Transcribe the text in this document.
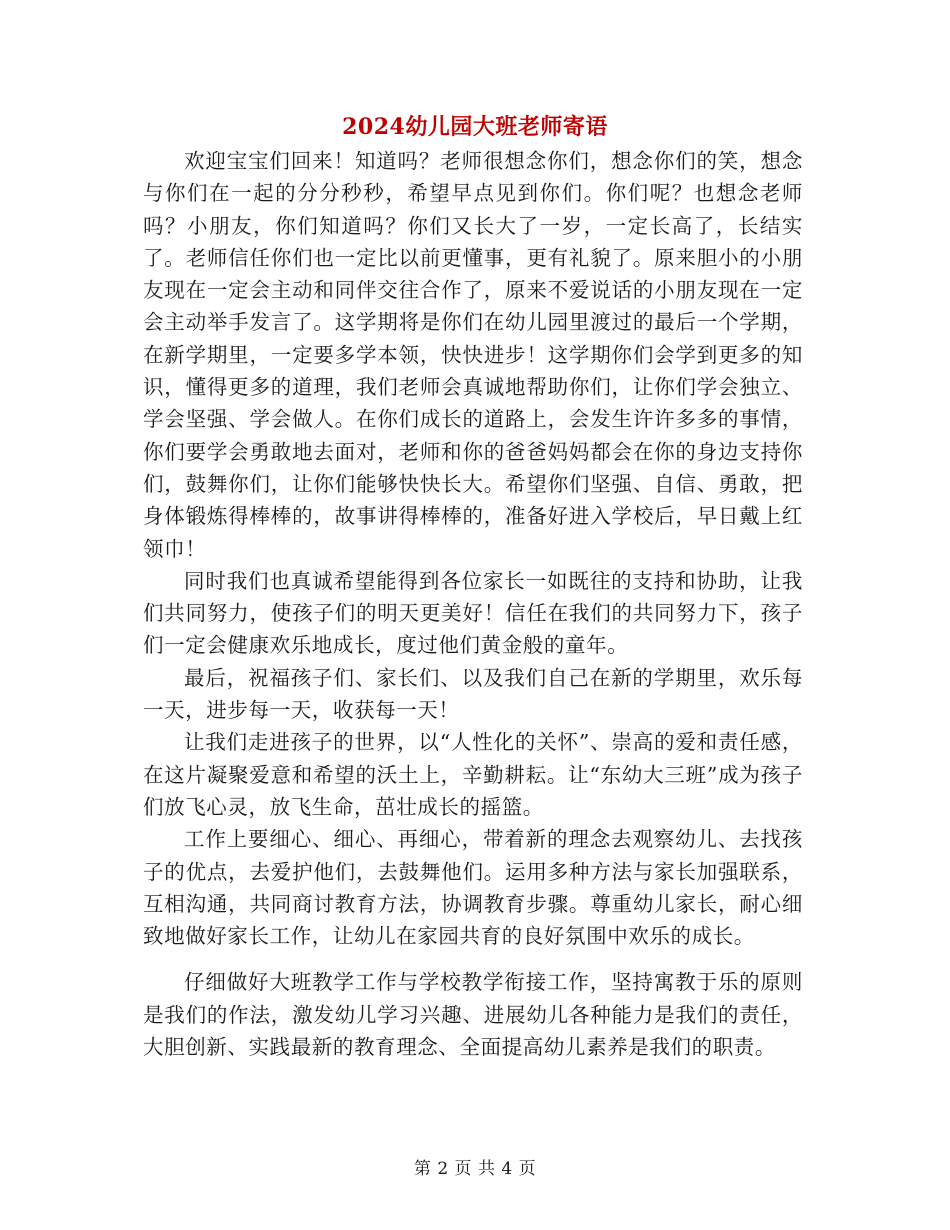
2024幼儿园大班老师寄语

欢迎宝宝们回来！知道吗？老师很想念你们，想念你们的笑，想念与你们在一起的分分秒秒，希望早点见到你们。你们呢？也想念老师吗？小朋友，你们知道吗？你们又长大了一岁，一定长高了，长结实了。老师信任你们也一定比以前更懂事，更有礼貌了。原来胆小的小朋友现在一定会主动和同伴交往合作了，原来不爱说话的小朋友现在一定会主动举手发言了。这学期将是你们在幼儿园里渡过的最后一个学期，在新学期里，一定要多学本领，快快进步！这学期你们会学到更多的知识，懂得更多的道理，我们老师会真诚地帮助你们，让你们学会独立、学会坚强、学会做人。在你们成长的道路上，会发生许许多多的事情，你们要学会勇敢地去面对，老师和你的爸爸妈妈都会在你的身边支持你们，鼓舞你们，让你们能够快快长大。希望你们坚强、自信、勇敢，把身体锻炼得棒棒的，故事讲得棒棒的，准备好进入学校后，早日戴上红领巾！

同时我们也真诚希望能得到各位家长一如既往的支持和协助，让我们共同努力，使孩子们的明天更美好！信任在我们的共同努力下，孩子们一定会健康欢乐地成长，度过他们黄金般的童年。

最后，祝福孩子们、家长们、以及我们自己在新的学期里，欢乐每一天，进步每一天，收获每一天！

让我们走进孩子的世界，以“人性化的关怀”、崇高的爱和责任感，在这片凝聚爱意和希望的沃土上，辛勤耕耘。让“东幼大三班”成为孩子们放飞心灵，放飞生命，茁壮成长的摇篮。

工作上要细心、细心、再细心，带着新的理念去观察幼儿、去找孩子的优点，去爱护他们，去鼓舞他们。运用多种方法与家长加强联系，互相沟通，共同商讨教育方法，协调教育步骤。尊重幼儿家长，耐心细致地做好家长工作，让幼儿在家园共育的良好氛围中欢乐的成长。

仔细做好大班教学工作与学校教学衔接工作，坚持寓教于乐的原则是我们的作法，激发幼儿学习兴趣、进展幼儿各种能力是我们的责任，大胆创新、实践最新的教育理念、全面提高幼儿素养是我们的职责。

第 2 页 共 4 页
